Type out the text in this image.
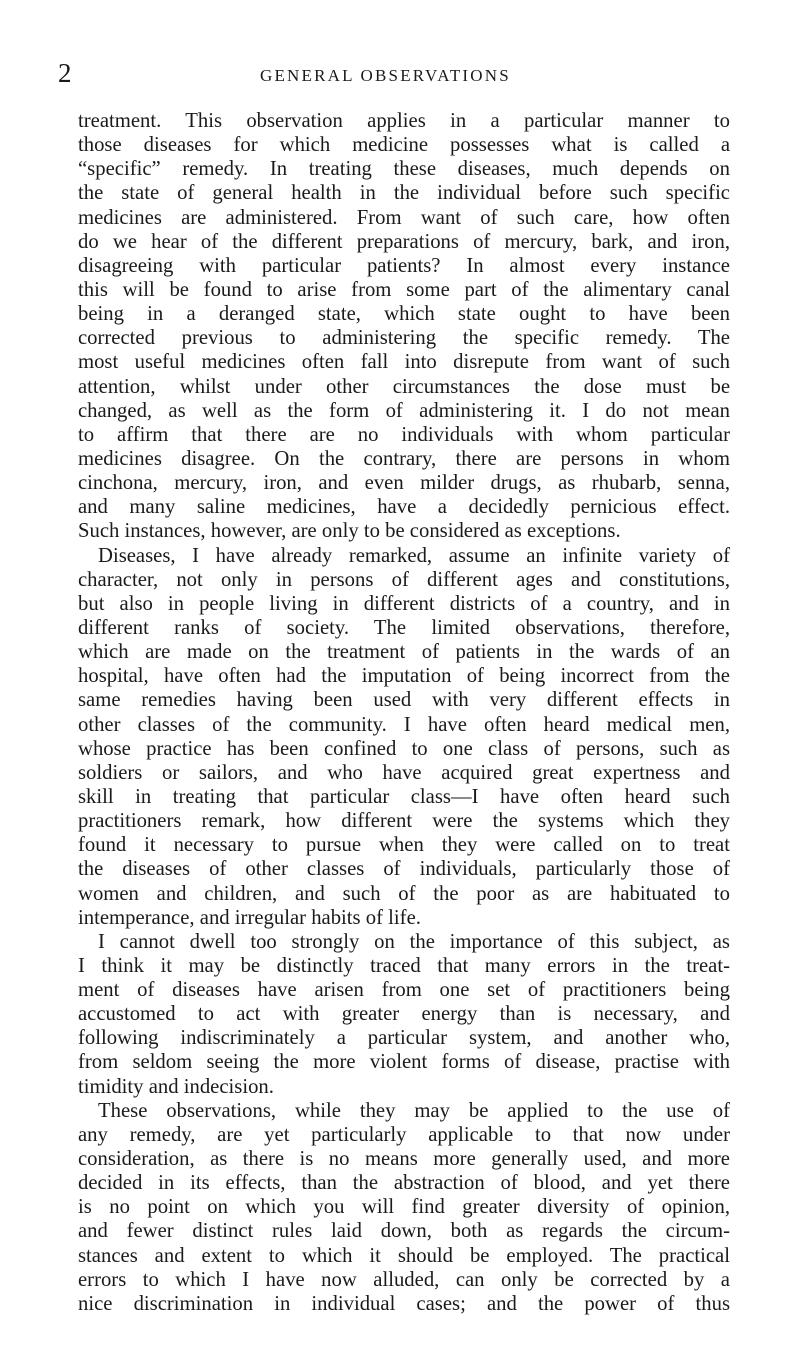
2	GENERAL OBSERVATIONS
treatment. This observation applies in a particular manner to
those diseases for which medicine possesses what is called a
“specific” remedy. In treating these diseases, much depends on
the state of general health in the individual before such specific
medicines are administered. From want of such care, how often
do we hear of the different preparations of mercury, bark, and iron,
disagreeing with particular patients? In almost every instance
this will be found to arise from some part of the alimentary canal
being in a deranged state, which state ought to have been
corrected previous to administering the specific remedy. The
most useful medicines often fall into disrepute from want of such
attention, whilst under other circumstances the dose must be
changed, as well as the form of administering it. I do not mean
to affirm that there are no individuals with whom particular
medicines disagree. On the contrary, there are persons in whom
cinchona, mercury, iron, and even milder drugs, as rhubarb, senna,
and many saline medicines, have a decidedly pernicious effect.
Such instances, however, are only to be considered as exceptions.
Diseases, I have already remarked, assume an infinite variety of
character, not only in persons of different ages and constitutions,
but also in people living in different districts of a country, and in
different ranks of society. The limited observations, therefore,
which are made on the treatment of patients in the wards of an
hospital, have often had the imputation of being incorrect from the
same remedies having been used with very different effects in
other classes of the community. I have often heard medical men,
whose practice has been confined to one class of persons, such as
soldiers or sailors, and who have acquired great expertness and
skill in treating that particular class—I have often heard such
practitioners remark, how different were the systems which they
found it necessary to pursue when they were called on to treat
the diseases of other classes of individuals, particularly those of
women and children, and such of the poor as are habituated to
intemperance, and irregular habits of life.
I cannot dwell too strongly on the importance of this subject, as
I think it may be distinctly traced that many errors in the treat-
ment of diseases have arisen from one set of practitioners being
accustomed to act with greater energy than is necessary, and
following indiscriminately a particular system, and another who,
from seldom seeing the more violent forms of disease, practise with
timidity and indecision.
These observations, while they may be applied to the use of
any remedy, are yet particularly applicable to that now under
consideration, as there is no means more generally used, and more
decided in its effects, than the abstraction of blood, and yet there
is no point on which you will find greater diversity of opinion,
and fewer distinct rules laid down, both as regards the circum-
stances and extent to which it should be employed. The practical
errors to which I have now alluded, can only be corrected by a
nice discrimination in individual cases; and the power of thus
